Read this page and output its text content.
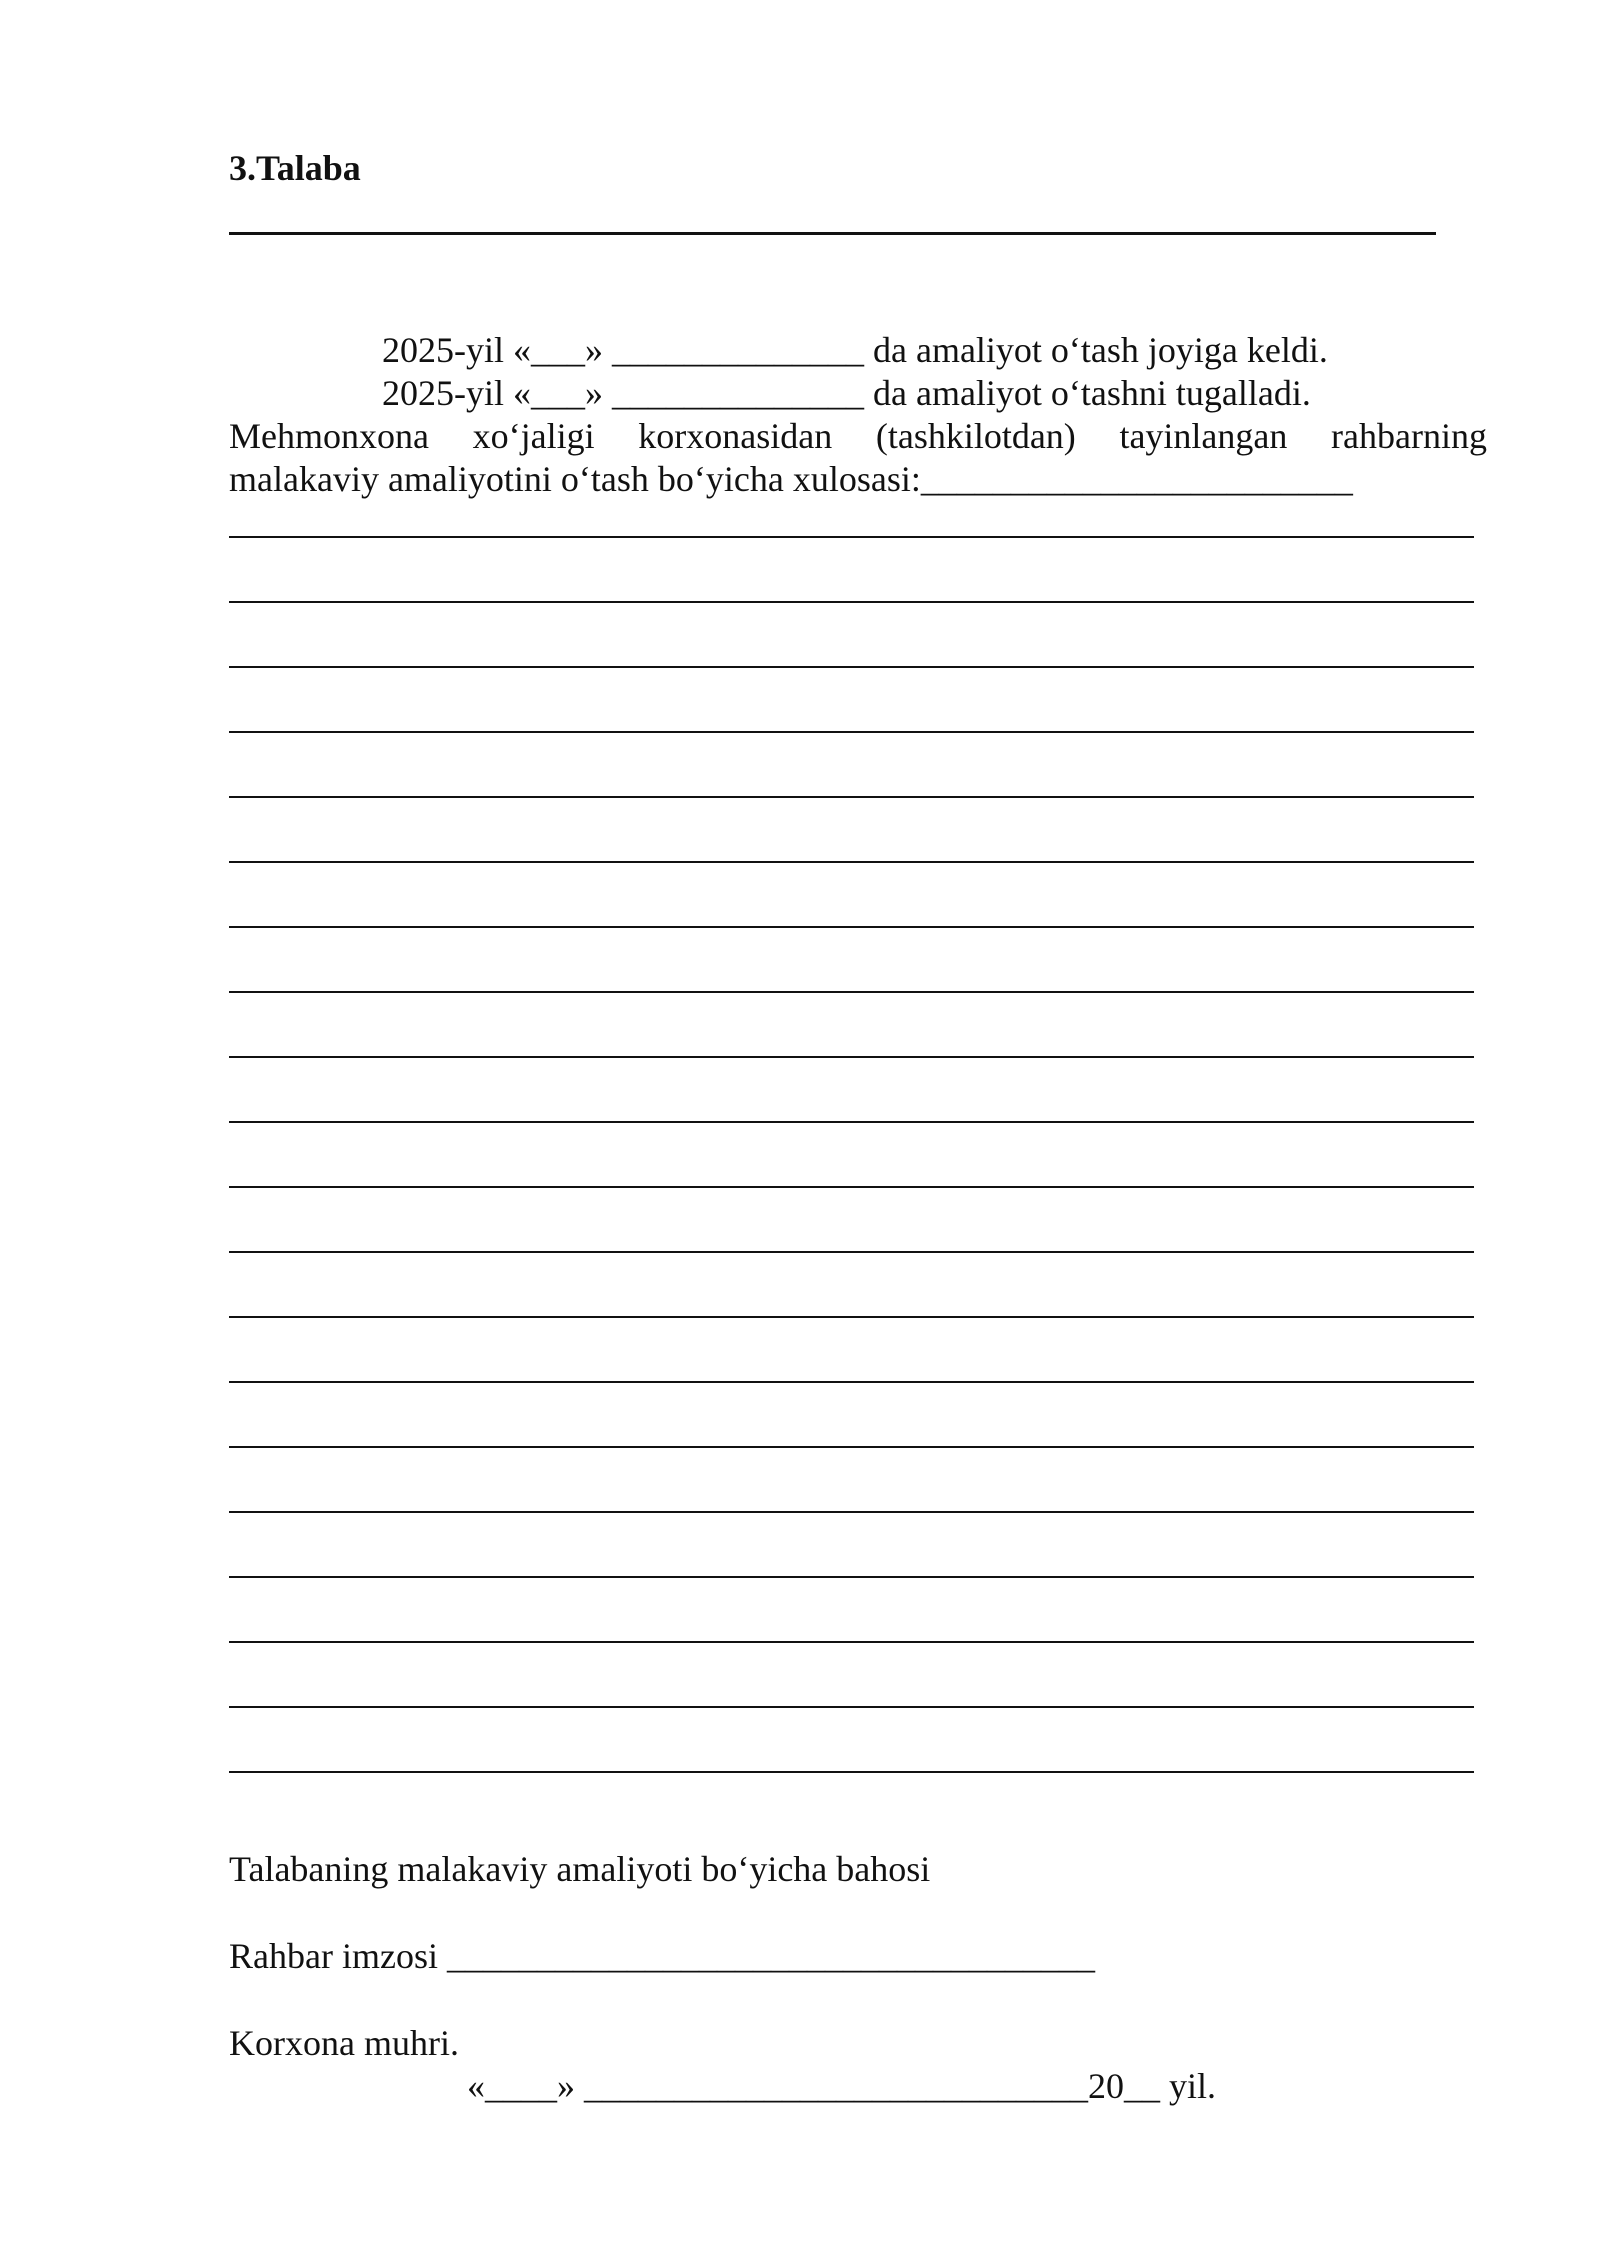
3.Talaba
2025-yil «___» ______________ da amaliyot o‘tash joyiga keldi.
2025-yil «___» ______________ da amaliyot o‘tashni tugalladi.
Mehmonxona xo‘jaligi korxonasidan (tashkilotdan) tayinlangan rahbarning
malakaviy amaliyotini o‘tash bo‘yicha xulosasi:________________________
Talabaning malakaviy amaliyoti bo‘yicha bahosi
Rahbar imzosi ____________________________________
Korxona muhri.
«____» ____________________________20__ yil.
